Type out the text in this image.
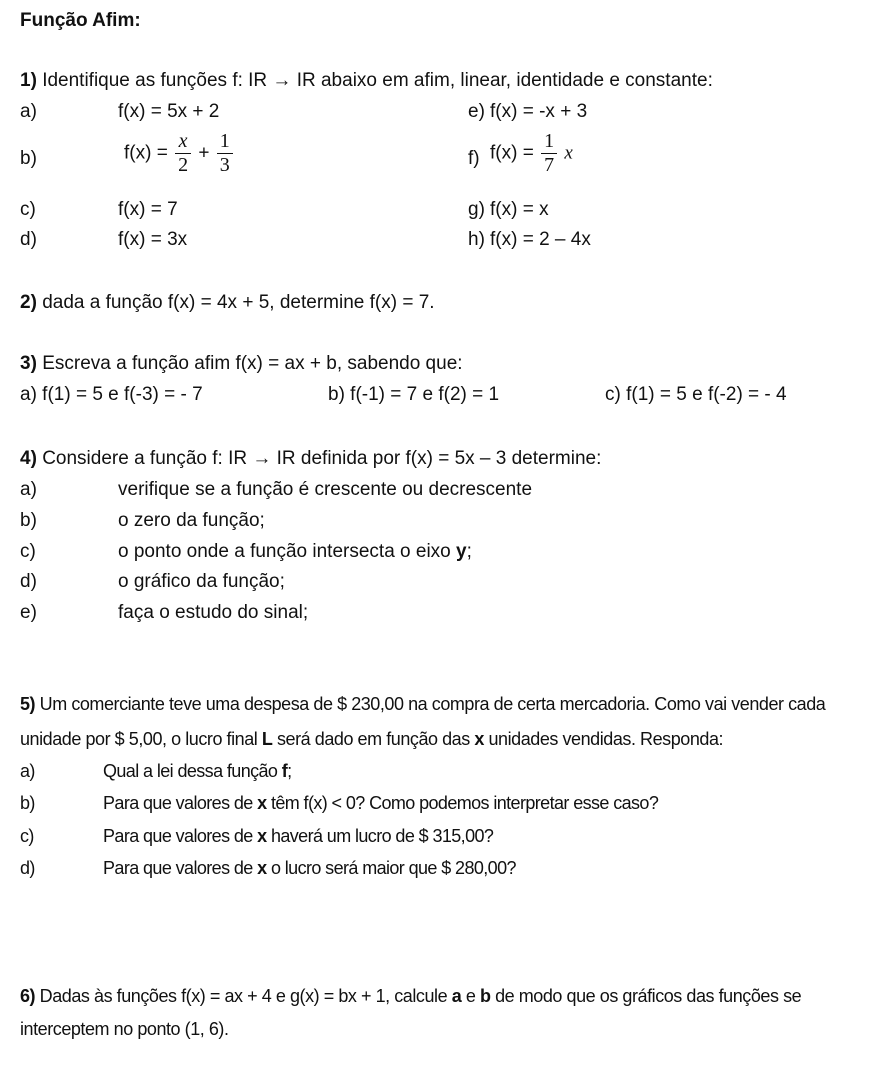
Função Afim:
1) Identifique as funções f: IR → IR abaixo em afim, linear, identidade e constante:
a)	f(x) = 5x + 2	e) f(x) = -x + 3
b)	$f(x) = \frac{x}{2} + \frac{1}{3}$	f) $f(x) = \frac{1}{7}$ x
c)	f(x) = 7	g) f(x) = x
d)	f(x) = 3x	h) f(x) = 2 – 4x
2) dada a função f(x) = 4x + 5, determine f(x) = 7.
3) Escreva a função afim f(x) = ax + b, sabendo que:
a) f(1) = 5 e f(-3) = - 7	b) f(-1) = 7 e f(2) = 1	c) f(1) = 5 e f(-2) = - 4
4) Considere a função f: IR → IR definida por f(x) = 5x – 3 determine:
a)	verifique se a função é crescente ou decrescente
b)	o zero da função;
c)	o ponto onde a função intersecta o eixo y;
d)	o gráfico da função;
e)	faça o estudo do sinal;
5) Um comerciante teve uma despesa de $ 230,00 na compra de certa mercadoria. Como vai vender cada
unidade por $ 5,00, o lucro final L será dado em função das x unidades vendidas. Responda:
a)	Qual a lei dessa função f;
b)	Para que valores de x têm f(x) < 0? Como podemos interpretar esse caso?
c)	Para que valores de x haverá um lucro de $ 315,00?
d)	Para que valores de x o lucro será maior que $ 280,00?
6) Dadas às funções f(x) = ax + 4 e g(x) = bx + 1, calcule a e b de modo que os gráficos das funções se
interceptem no ponto (1, 6).
